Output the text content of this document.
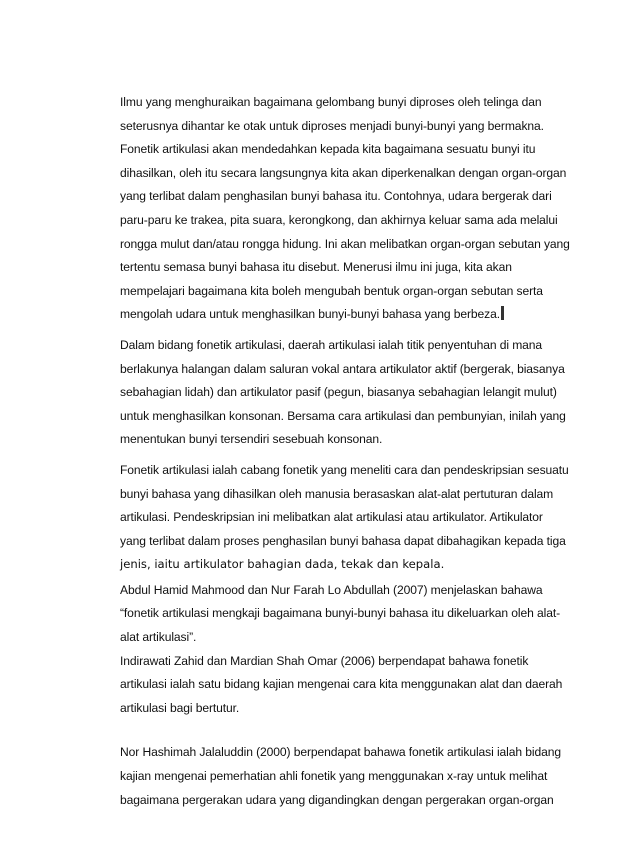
Ilmu yang menghuraikan bagaimana gelombang bunyi diproses oleh telinga dan
seterusnya dihantar ke otak untuk diproses menjadi bunyi-bunyi yang bermakna.
Fonetik artikulasi akan mendedahkan kepada kita bagaimana sesuatu bunyi itu
dihasilkan, oleh itu secara langsungnya kita akan diperkenalkan dengan organ-organ
yang terlibat dalam penghasilan bunyi bahasa itu. Contohnya, udara bergerak dari
paru-paru ke trakea, pita suara, kerongkong, dan akhirnya keluar sama ada melalui
rongga mulut dan/atau rongga hidung. Ini akan melibatkan organ-organ sebutan yang
tertentu semasa bunyi bahasa itu disebut. Menerusi ilmu ini juga, kita akan
mempelajari bagaimana kita boleh mengubah bentuk organ-organ sebutan serta
mengolah udara untuk menghasilkan bunyi-bunyi bahasa yang berbeza.
Dalam bidang fonetik artikulasi, daerah artikulasi ialah titik penyentuhan di mana
berlakunya halangan dalam saluran vokal antara artikulator aktif (bergerak, biasanya
sebahagian lidah) dan artikulator pasif (pegun, biasanya sebahagian lelangit mulut)
untuk menghasilkan konsonan. Bersama cara artikulasi dan pembunyian, inilah yang
menentukan bunyi tersendiri sesebuah konsonan.
Fonetik artikulasi ialah cabang fonetik yang meneliti cara dan pendeskripsian sesuatu
bunyi bahasa yang dihasilkan oleh manusia berasaskan alat-alat pertuturan dalam
artikulasi. Pendeskripsian ini melibatkan alat artikulasi atau artikulator. Artikulator
yang terlibat dalam proses penghasilan bunyi bahasa dapat dibahagikan kepada tiga
jenis, iaitu artikulator bahagian dada, tekak dan kepala.
Abdul Hamid Mahmood dan Nur Farah Lo Abdullah (2007) menjelaskan bahawa
“fonetik artikulasi mengkaji bagaimana bunyi-bunyi bahasa itu dikeluarkan oleh alat-
alat artikulasi”.
Indirawati Zahid dan Mardian Shah Omar (2006) berpendapat bahawa fonetik
artikulasi ialah satu bidang kajian mengenai cara kita menggunakan alat dan daerah
artikulasi bagi bertutur.
Nor Hashimah Jalaluddin (2000) berpendapat bahawa fonetik artikulasi ialah bidang
kajian mengenai pemerhatian ahli fonetik yang menggunakan x-ray untuk melihat
bagaimana pergerakan udara yang digandingkan dengan pergerakan organ-organ
